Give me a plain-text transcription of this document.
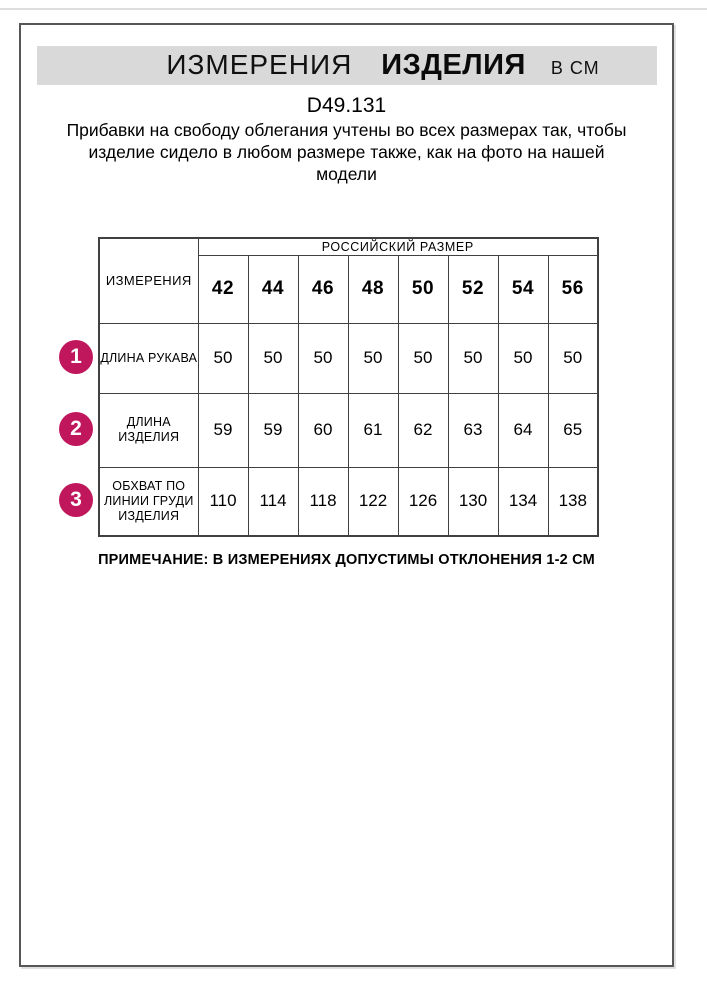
ИЗМЕРЕНИЯ ИЗДЕЛИЯ В СМ
D49.131
Прибавки на свободу облегания учтены во всех размерах так, чтобы
изделие сидело в любом размере также, как на фото на нашей
модели
ИЗМЕРЕНИЯ	РОССИЙСКИЙ РАЗМЕР							
	42	44	46	48	50	52	54	56
ДЛИНА РУКАВА	50	50	50	50	50	50	50	50
ДЛИНА ИЗДЕЛИЯ	59	59	60	61	62	63	64	65
ОБХВАТ ПО ЛИНИИ ГРУДИ ИЗДЕЛИЯ	110	114	118	122	126	130	134	138
1
2
3
ПРИМЕЧАНИЕ: В ИЗМЕРЕНИЯХ ДОПУСТИМЫ ОТКЛОНЕНИЯ 1-2 СМ
